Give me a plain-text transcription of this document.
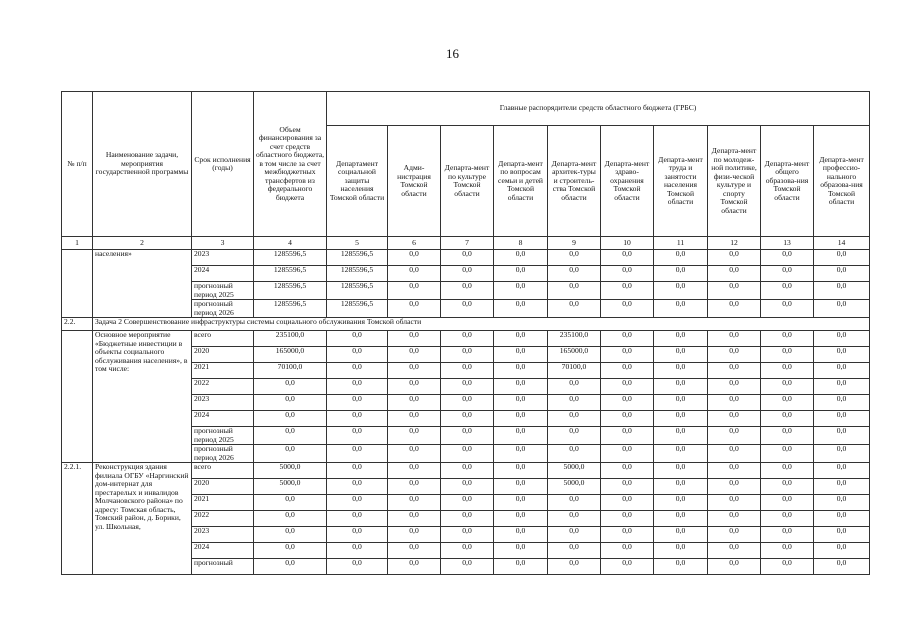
16
№ п/п	Наименование задачи, мероприятия государственной программы	Срок исполнения (годы)	Объем финансирования за счет средств областного бюджета, в том числе за счет межбюджетных трансфертов из федерального бюджета	Главные распорядители средств областного бюджета (ГРБС)									
				Департамент социальной защиты населения Томской области	Адми-нистрация Томской области	Департа-мент по культуре Томской области	Департа-мент по вопросам семьи и детей Томской области	Департа-мент архитек-туры и строитель-ства Томской области	Департа-мент здраво-охранения Томской области	Департа-мент труда и занятости населения Томской области	Департа-мент по молодеж-ной политике, физи-ческой культуре и спорту Томской области	Департа-мент общего образова-ния Томской области	Департа-мент профессио-нального образова-ния Томской области
1	2	3	4	5	6	7	8	9	10	11	12	13	14
	населения»	2023	1285596,5	1285596,5	0,0	0,0	0,0	0,0	0,0	0,0	0,0	0,0	0,0
		2024	1285596,5	1285596,5	0,0	0,0	0,0	0,0	0,0	0,0	0,0	0,0	0,0
		прогнозный период 2025	1285596,5	1285596,5	0,0	0,0	0,0	0,0	0,0	0,0	0,0	0,0	0,0
		прогнозный период 2026	1285596,5	1285596,5	0,0	0,0	0,0	0,0	0,0	0,0	0,0	0,0	0,0
2.2.	Задача 2 Совершенствование инфраструктуры системы социального обслуживания Томской области												
	Основное мероприятие «Бюджетные инвестиции в объекты социального обслуживания населения», в том числе:	всего	235100,0	0,0	0,0	0,0	0,0	235100,0	0,0	0,0	0,0	0,0	0,0
		2020	165000,0	0,0	0,0	0,0	0,0	165000,0	0,0	0,0	0,0	0,0	0,0
		2021	70100,0	0,0	0,0	0,0	0,0	70100,0	0,0	0,0	0,0	0,0	0,0
		2022	0,0	0,0	0,0	0,0	0,0	0,0	0,0	0,0	0,0	0,0	0,0
		2023	0,0	0,0	0,0	0,0	0,0	0,0	0,0	0,0	0,0	0,0	0,0
		2024	0,0	0,0	0,0	0,0	0,0	0,0	0,0	0,0	0,0	0,0	0,0
		прогнозный период 2025	0,0	0,0	0,0	0,0	0,0	0,0	0,0	0,0	0,0	0,0	0,0
		прогнозный период 2026	0,0	0,0	0,0	0,0	0,0	0,0	0,0	0,0	0,0	0,0	0,0
2.2.1.	Реконструкция здания филиала ОГБУ «Наргинский дом-интернат для престарелых и инвалидов Молчановского района» по адресу: Томская область, Томский район, д. Борики, ул. Школьная,	всего	5000,0	0,0	0,0	0,0	0,0	5000,0	0,0	0,0	0,0	0,0	0,0
		2020	5000,0	0,0	0,0	0,0	0,0	5000,0	0,0	0,0	0,0	0,0	0,0
		2021	0,0	0,0	0,0	0,0	0,0	0,0	0,0	0,0	0,0	0,0	0,0
		2022	0,0	0,0	0,0	0,0	0,0	0,0	0,0	0,0	0,0	0,0	0,0
		2023	0,0	0,0	0,0	0,0	0,0	0,0	0,0	0,0	0,0	0,0	0,0
		2024	0,0	0,0	0,0	0,0	0,0	0,0	0,0	0,0	0,0	0,0	0,0
		прогнозный	0,0	0,0	0,0	0,0	0,0	0,0	0,0	0,0	0,0	0,0	0,0
